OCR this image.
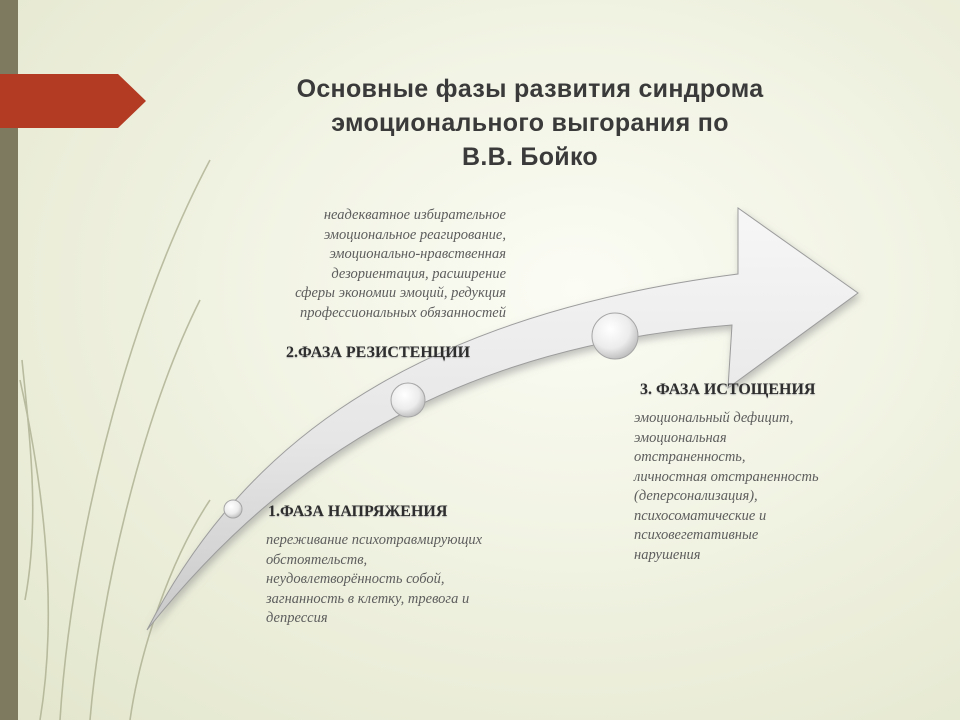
Основные фазы развития синдрома
эмоционального выгорания по
В.В. Бойко
неадекватное избирательное
эмоциональное реагирование,
эмоционально-нравственная
дезориентация, расширение
сферы экономии эмоций, редукция
профессиональных обязанностей
2.ФАЗА РЕЗИСТЕНЦИИ
3. ФАЗА ИСТОЩЕНИЯ
эмоциональный дефицит,
эмоциональная
отстраненность,
личностная отстраненность
(деперсонализация),
психосоматические и
психовегетативные
нарушения
1.ФАЗА НАПРЯЖЕНИЯ
переживание психотравмирующих
обстоятельств,
неудовлетворённость собой,
загнанность в клетку, тревога и
депрессия
